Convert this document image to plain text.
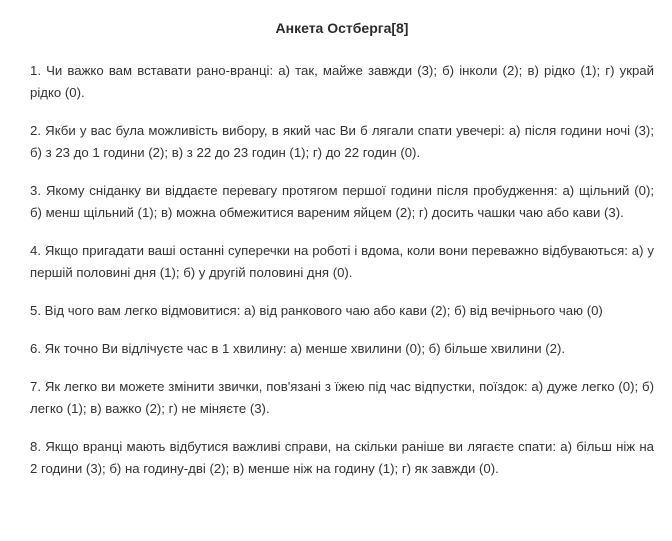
Анкета Остберга[8]

1. Чи важко вам вставати рано-вранці: а) так, майже завжди (3); б) інколи (2); в) рідко (1); г) украй рідко (0).

2. Якби у вас була можливість вибору, в який час Ви б лягали спати увечері: а) після години ночі (3); б) з 23 до 1 години (2); в) з 22 до 23 годин (1); г) до 22 годин (0).

3. Якому сніданку ви віддаєте перевагу протягом першої години після пробудження: а) щільний (0); б) менш щільний (1); в) можна обмежитися вареним яйцем (2); г) досить чашки чаю або кави (3).

4. Якщо пригадати ваші останні суперечки на роботі і вдома, коли вони переважно відбуваються: а) у першій половині дня (1); б) у другій половині дня (0).

5. Від чого вам легко відмовитися: а) від ранкового чаю або кави (2); б) від вечірнього чаю (0)

6. Як точно Ви відлічуєте час в 1 хвилину: а) менше хвилини (0); б) більше хвилини (2).

7. Як легко ви можете змінити звички, пов'язані з їжею під час відпустки, поїздок: а) дуже легко (0); б) легко (1); в) важко (2); г) не міняєте (3).

8. Якщо вранці мають відбутися важливі справи, на скільки раніше ви лягаєте спати: а) більш ніж на 2 години (3); б) на годину-дві (2); в) менше ніж на годину (1); г) як завжди (0).
